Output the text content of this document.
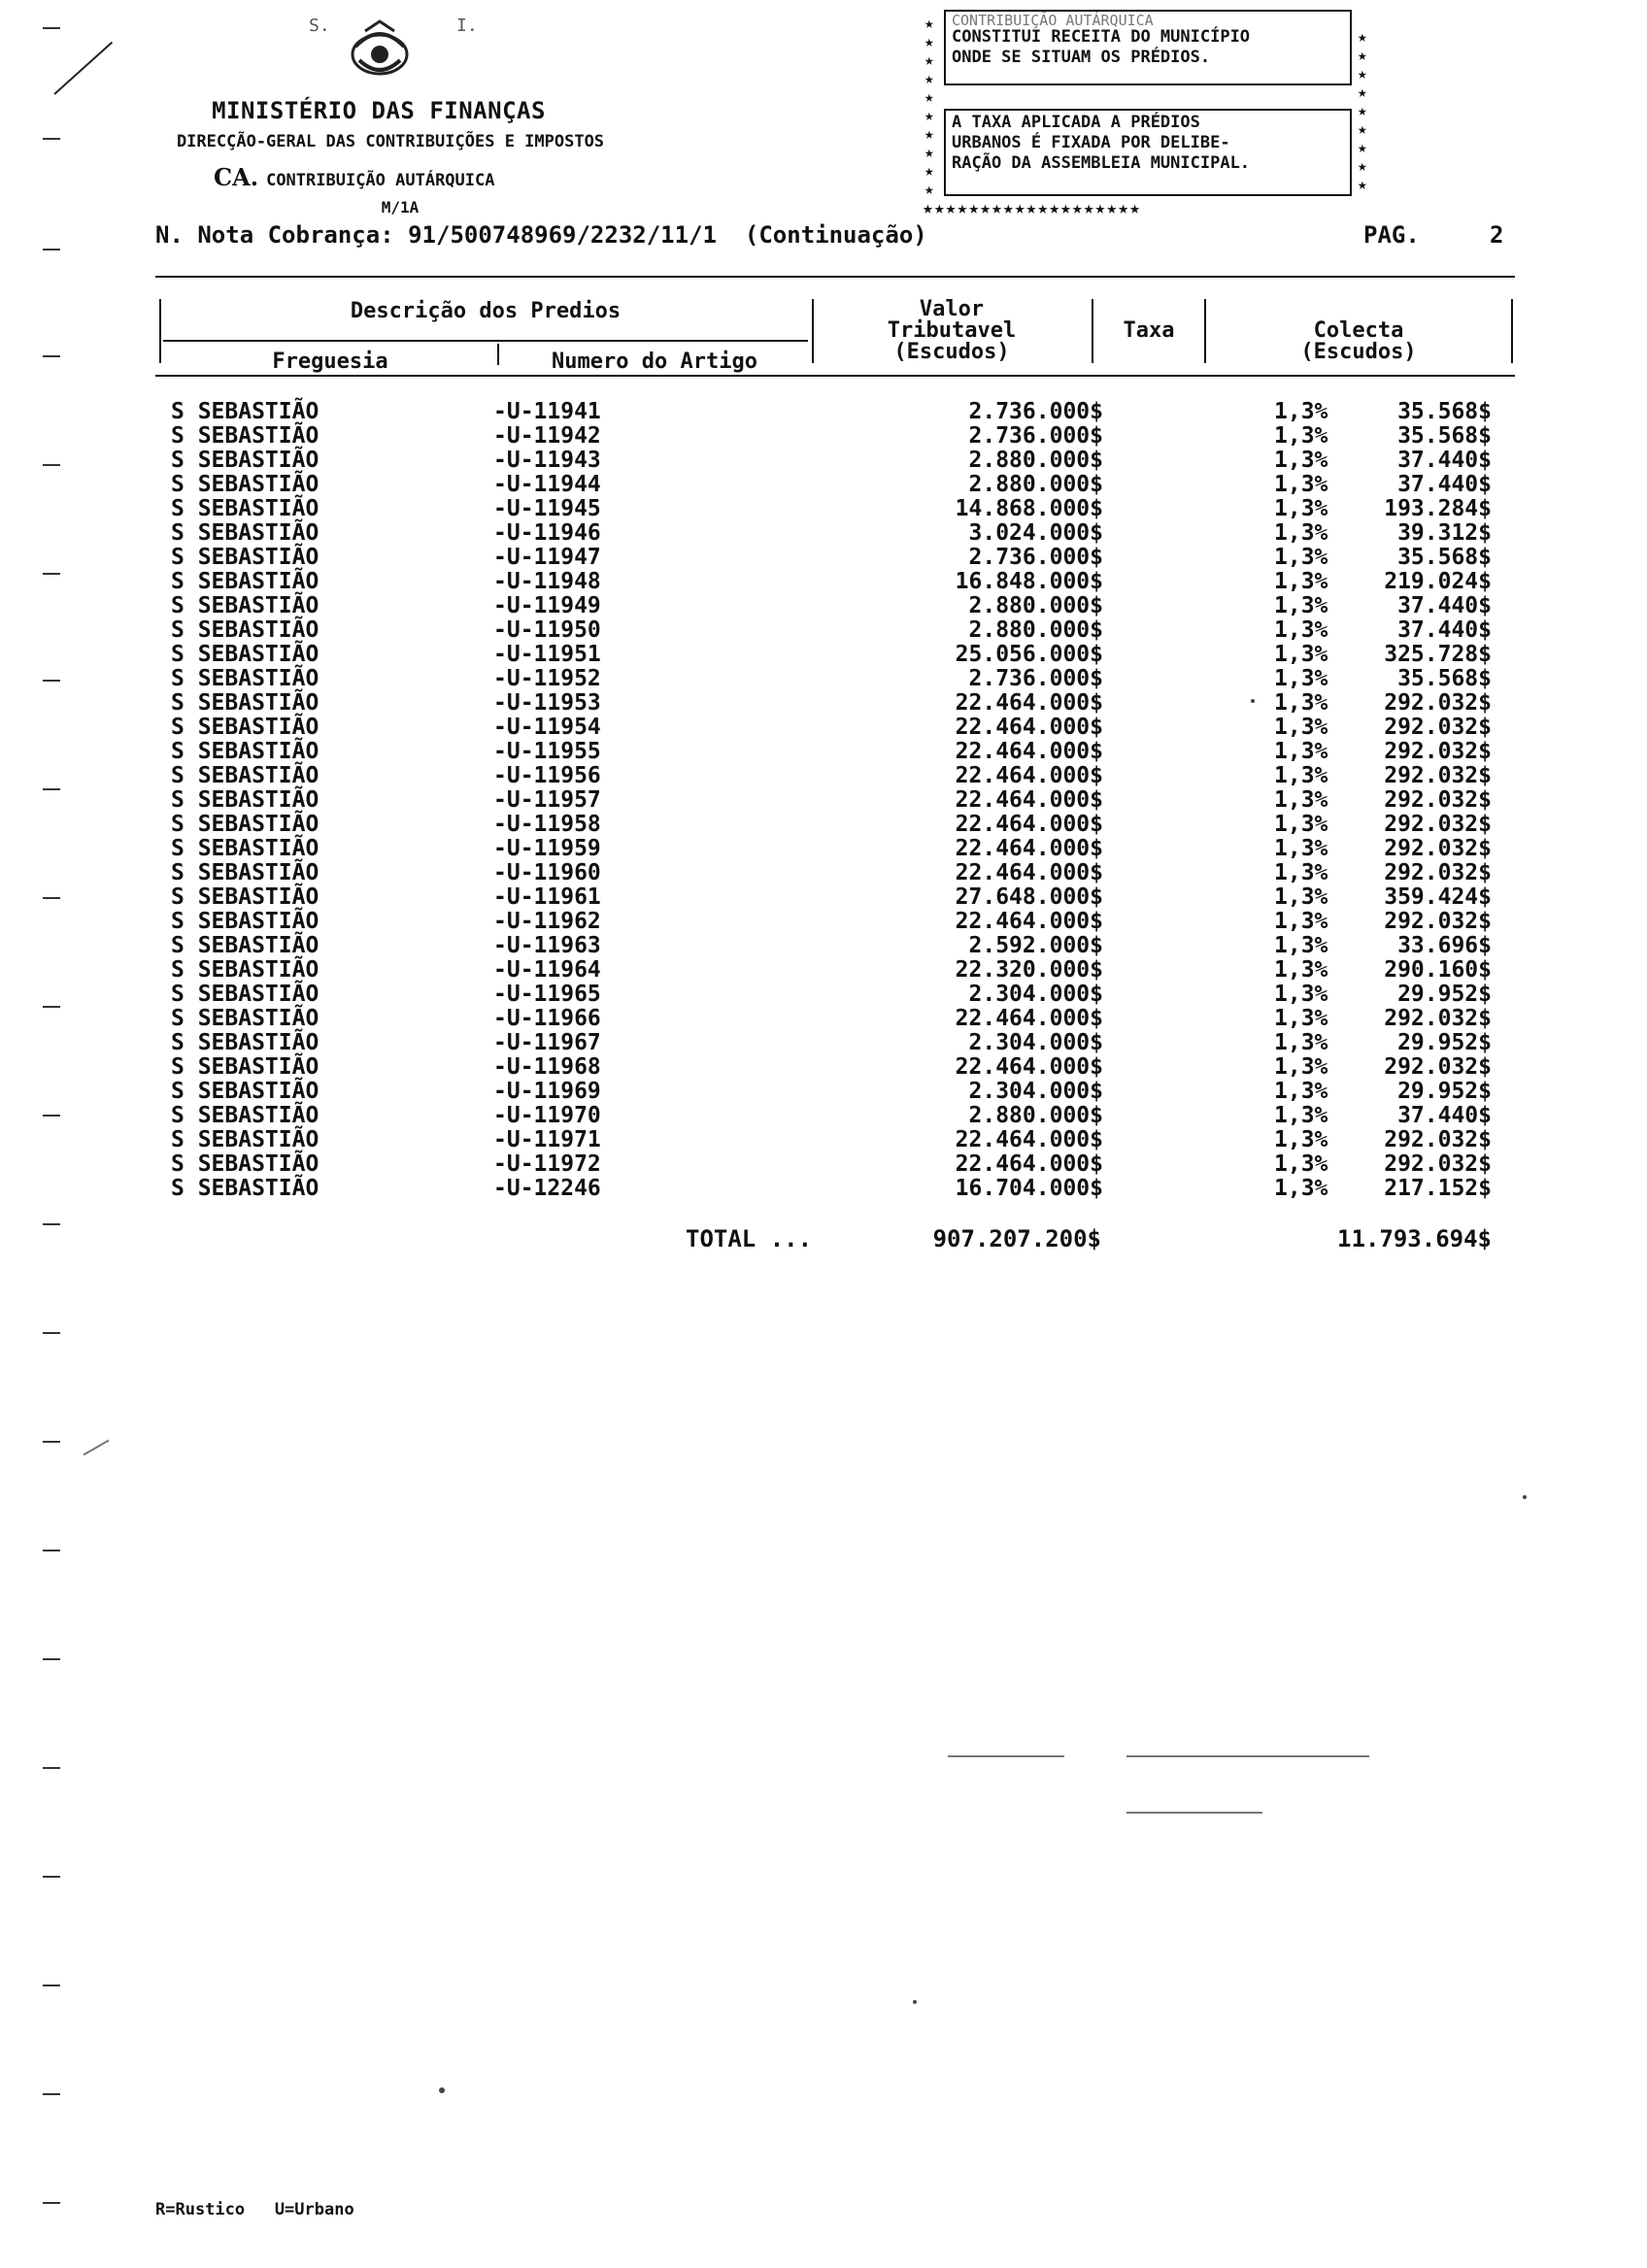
S.	I.
MINISTÉRIO DAS FINANÇAS
DIRECÇÃO-GERAL DAS CONTRIBUIÇÕES E IMPOSTOS
CA. CONTRIBUIÇÃO AUTÁRQUICA
M/1A
★
★
★
★
★
★
★
★
★
★
★
★
★
★
★
★
★
★
★
CONTRIBUIÇÃO AUTÁRQUICA
CONSTITUI RECEITA DO MUNICÍPIO
ONDE SE SITUAM OS PRÉDIOS.
A TAXA APLICADA A PRÉDIOS
URBANOS É FIXADA POR DELIBE-
RAÇÃO DA ASSEMBLEIA MUNICIPAL.
★★★★★★★★★★★★★★★★★★★
N. Nota Cobrança: 91/500748969/2232/11/1 (Continuação)	PAG.	2
Descrição dos Predios
Freguesia	Numero do Artigo
Valor
Tributavel
(Escudos)
Taxa	Colecta
(Escudos)
S SEBASTIÃO	-U-11941	2.736.000$	1,3%	35.568$
S SEBASTIÃO	-U-11942	2.736.000$	1,3%	35.568$
S SEBASTIÃO	-U-11943	2.880.000$	1,3%	37.440$
S SEBASTIÃO	-U-11944	2.880.000$	1,3%	37.440$
S SEBASTIÃO	-U-11945	14.868.000$	1,3%	193.284$
S SEBASTIÃO	-U-11946	3.024.000$	1,3%	39.312$
S SEBASTIÃO	-U-11947	2.736.000$	1,3%	35.568$
S SEBASTIÃO	-U-11948	16.848.000$	1,3%	219.024$
S SEBASTIÃO	-U-11949	2.880.000$	1,3%	37.440$
S SEBASTIÃO	-U-11950	2.880.000$	1,3%	37.440$
S SEBASTIÃO	-U-11951	25.056.000$	1,3%	325.728$
S SEBASTIÃO	-U-11952	2.736.000$	1,3%	35.568$
S SEBASTIÃO	-U-11953	22.464.000$	1,3%	292.032$
S SEBASTIÃO	-U-11954	22.464.000$	1,3%	292.032$
S SEBASTIÃO	-U-11955	22.464.000$	1,3%	292.032$
S SEBASTIÃO	-U-11956	22.464.000$	1,3%	292.032$
S SEBASTIÃO	-U-11957	22.464.000$	1,3%	292.032$
S SEBASTIÃO	-U-11958	22.464.000$	1,3%	292.032$
S SEBASTIÃO	-U-11959	22.464.000$	1,3%	292.032$
S SEBASTIÃO	-U-11960	22.464.000$	1,3%	292.032$
S SEBASTIÃO	-U-11961	27.648.000$	1,3%	359.424$
S SEBASTIÃO	-U-11962	22.464.000$	1,3%	292.032$
S SEBASTIÃO	-U-11963	2.592.000$	1,3%	33.696$
S SEBASTIÃO	-U-11964	22.320.000$	1,3%	290.160$
S SEBASTIÃO	-U-11965	2.304.000$	1,3%	29.952$
S SEBASTIÃO	-U-11966	22.464.000$	1,3%	292.032$
S SEBASTIÃO	-U-11967	2.304.000$	1,3%	29.952$
S SEBASTIÃO	-U-11968	22.464.000$	1,3%	292.032$
S SEBASTIÃO	-U-11969	2.304.000$	1,3%	29.952$
S SEBASTIÃO	-U-11970	2.880.000$	1,3%	37.440$
S SEBASTIÃO	-U-11971	22.464.000$	1,3%	292.032$
S SEBASTIÃO	-U-11972	22.464.000$	1,3%	292.032$
S SEBASTIÃO	-U-12246	16.704.000$	1,3%	217.152$
TOTAL ...	907.207.200$	11.793.694$
R=Rustico   U=Urbano
